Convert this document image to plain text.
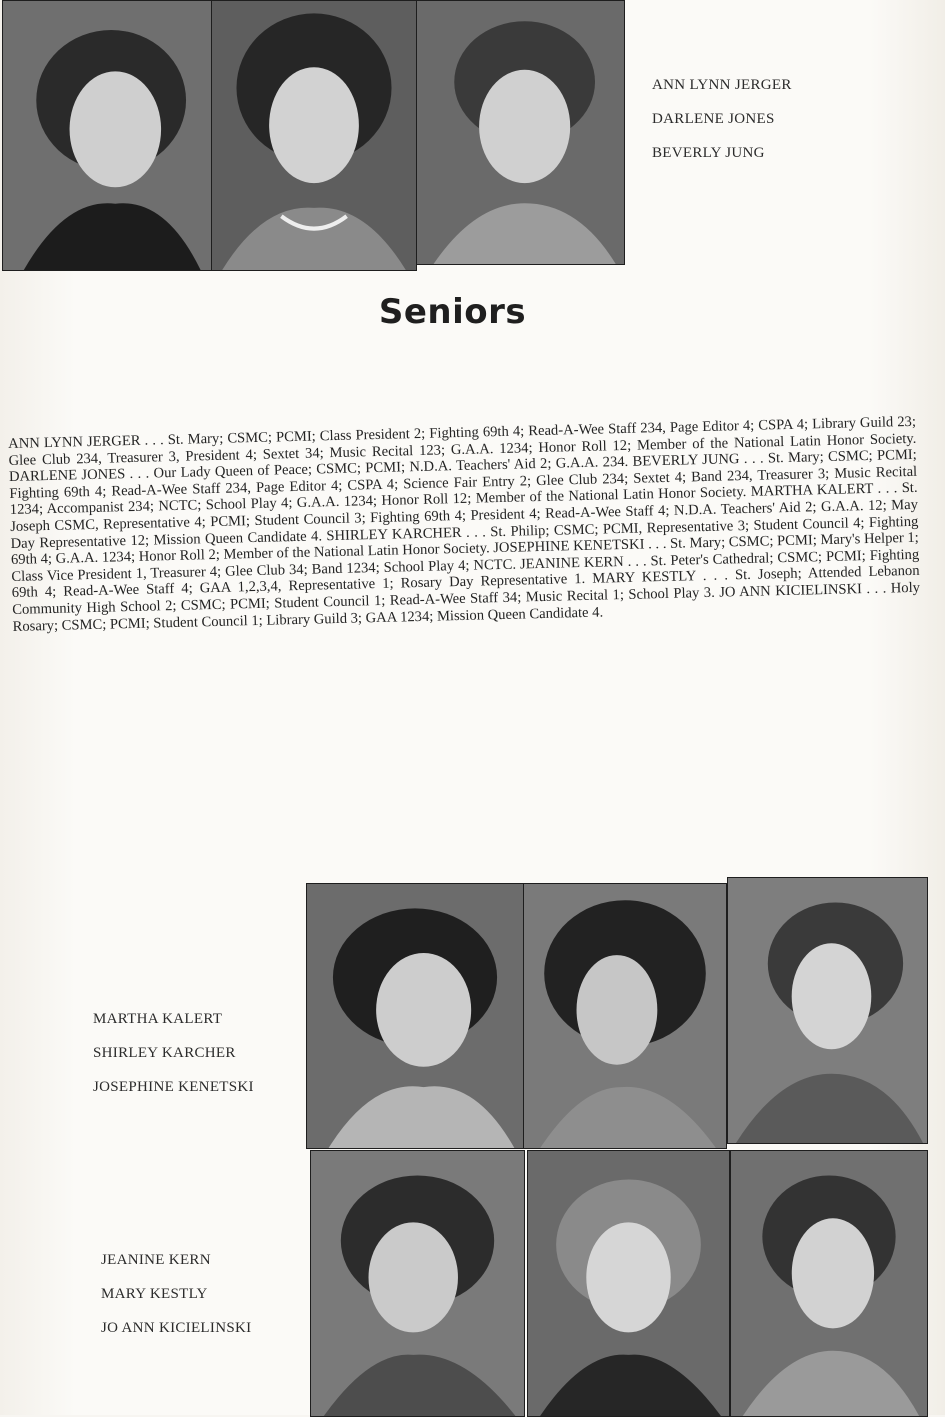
ANN LYNN JERGER
DARLENE JONES
BEVERLY JUNG
Seniors
ANN LYNN JERGER . . . St. Mary; CSMC; PCMI; Class President 2; Fighting 69th 4; Read-A-Wee Staff 234, Page Editor 4; CSPA 4; Library Guild 23; Glee Club 234, Treasurer 3, President 4; Sextet 34; Music Recital 123; G.A.A. 1234; Honor Roll 12; Member of the National Latin Honor Society. DARLENE JONES . . . Our Lady Queen of Peace; CSMC; PCMI; N.D.A. Teachers' Aid 2; G.A.A. 234. BEVERLY JUNG . . . St. Mary; CSMC; PCMI; Fighting 69th 4; Read-A-Wee Staff 234, Page Editor 4; CSPA 4; Science Fair Entry 2; Glee Club 234; Sextet 4; Band 234, Treasurer 3; Music Recital 1234; Accompanist 234; NCTC; School Play 4; G.A.A. 1234; Honor Roll 12; Member of the National Latin Honor Society. MARTHA KALERT . . . St. Joseph CSMC, Representative 4; PCMI; Student Council 3; Fighting 69th 4; President 4; Read-A-Wee Staff 4; N.D.A. Teachers' Aid 2; G.A.A. 12; May Day Representative 12; Mission Queen Candidate 4. SHIRLEY KARCHER . . . St. Philip; CSMC; PCMI, Representative 3; Student Council 4; Fighting 69th 4; G.A.A. 1234; Honor Roll 2; Member of the National Latin Honor Society. JOSEPHINE KENETSKI . . . St. Mary; CSMC; PCMI; Mary's Helper 1; Class Vice President 1, Treasurer 4; Glee Club 34; Band 1234; School Play 4; NCTC. JEANINE KERN . . . St. Peter's Cathedral; CSMC; PCMI; Fighting 69th 4; Read-A-Wee Staff 4; GAA 1,2,3,4, Representative 1; Rosary Day Representative 1. MARY KESTLY . . . St. Joseph; Attended Lebanon Community High School 2; CSMC; PCMI; Student Council 1; Read-A-Wee Staff 34; Music Recital 1; School Play 3. JO ANN KICIELINSKI . . . Holy Rosary; CSMC; PCMI; Student Council 1; Library Guild 3; GAA 1234; Mission Queen Candidate 4.
MARTHA KALERT
SHIRLEY KARCHER
JOSEPHINE KENETSKI
JEANINE KERN
MARY KESTLY
JO ANN KICIELINSKI
